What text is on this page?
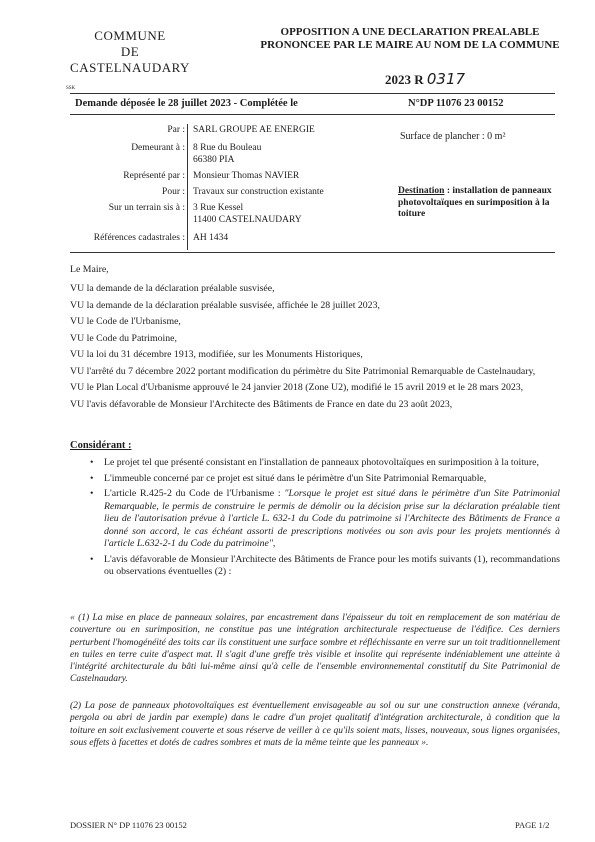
COMMUNE
DE
CASTELNAUDARY
OPPOSITION A UNE DECLARATION PREALABLE
PRONONCEE PAR LE MAIRE AU NOM DE LA COMMUNE
2023 R 0317
SSK
Demande déposée le 28 juillet 2023 - Complétée le	N°DP 11076 23 00152
Par : SARL GROUPE AE ENERGIE
Demeurant à : 8 Rue du Bouleau
66380 PIA
Représenté par : Monsieur Thomas NAVIER
Pour : Travaux sur construction existante
Sur un terrain sis à : 3 Rue Kessel
11400 CASTELNAUDARY
Références cadastrales : AH 1434
Surface de plancher : 0 m²
Destination : installation de panneaux photovoltaïques en surimposition à la toiture
Le Maire,
VU la demande de la déclaration préalable susvisée,
VU la demande de la déclaration préalable susvisée, affichée le 28 juillet 2023,
VU le Code de l'Urbanisme,
VU le Code du Patrimoine,
VU la loi du 31 décembre 1913, modifiée, sur les Monuments Historiques,
VU l'arrêté du 7 décembre 2022 portant modification du périmètre du Site Patrimonial Remarquable de Castelnaudary,
VU le Plan Local d'Urbanisme approuvé le 24 janvier 2018 (Zone U2), modifié le 15 avril 2019 et le 28 mars 2023,
VU l'avis défavorable de Monsieur l'Architecte des Bâtiments de France en date du 23 août 2023,
Considérant :
• Le projet tel que présenté consistant en l'installation de panneaux photovoltaïques en surimposition à la toiture,
• L'immeuble concerné par ce projet est situé dans le périmètre d'un Site Patrimonial Remarquable,
• L'article R.425-2 du Code de l'Urbanisme : "Lorsque le projet est situé dans le périmètre d'un Site Patrimonial Remarquable, le permis de construire le permis de démolir ou la décision prise sur la déclaration préalable tient lieu de l'autorisation prévue à l'article L. 632-1 du Code du patrimoine si l'Architecte des Bâtiments de France a donné son accord, le cas échéant assorti de prescriptions motivées ou son avis pour les projets mentionnés à l'article L.632-2-1 du Code du patrimoine",
• L'avis défavorable de Monsieur l'Architecte des Bâtiments de France pour les motifs suivants (1), recommandations ou observations éventuelles (2) :
« (1) La mise en place de panneaux solaires, par encastrement dans l'épaisseur du toit en remplacement de son matériau de couverture ou en surimposition, ne constitue pas une intégration architecturale respectueuse de l'édifice. Ces derniers perturbent l'homogénéité des toits car ils constituent une surface sombre et réfléchissante en verre sur un toit traditionnellement en tuiles en terre cuite d'aspect mat. Il s'agit d'une greffe très visible et insolite qui représente indéniablement une atteinte à l'intégrité architecturale du bâti lui-même ainsi qu'à celle de l'ensemble environnemental constitutif du Site Patrimonial de Castelnaudary.
(2) La pose de panneaux photovoltaïques est éventuellement envisageable au sol ou sur une construction annexe (véranda, pergola ou abri de jardin par exemple) dans le cadre d'un projet qualitatif d'intégration architecturale, à condition que la toiture en soit exclusivement couverte et sous réserve de veiller à ce qu'ils soient mats, lisses, nouveaux, sous lignes organisées, sous effets à facettes et dotés de cadres sombres et mats de la même teinte que les panneaux ».
DOSSIER N° DP 11076 23 00152	PAGE 1/2
